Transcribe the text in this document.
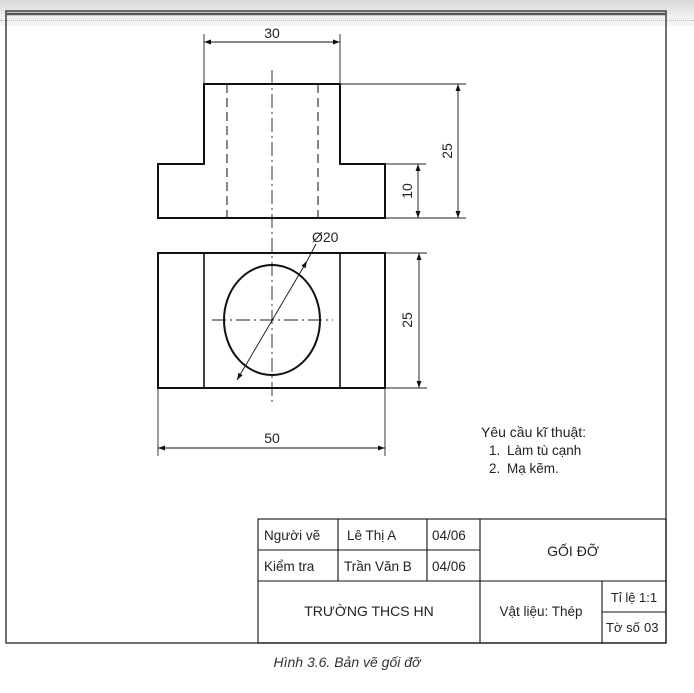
30
25
10
Ø20
25
50	Yêu cầu kĩ thuật:
1. Làm tù cạnh
2. Mạ kẽm.
Người vẽ Lê Thị A	04/06
Kiểm tra Trần Văn B 04/06
GỐI ĐỠ
TRƯỜNG THCS HN	Vật liệu: Thép
Tỉ lệ 1:1
Tờ số 03
Hình 3.6. Bản vẽ gối đỡ
